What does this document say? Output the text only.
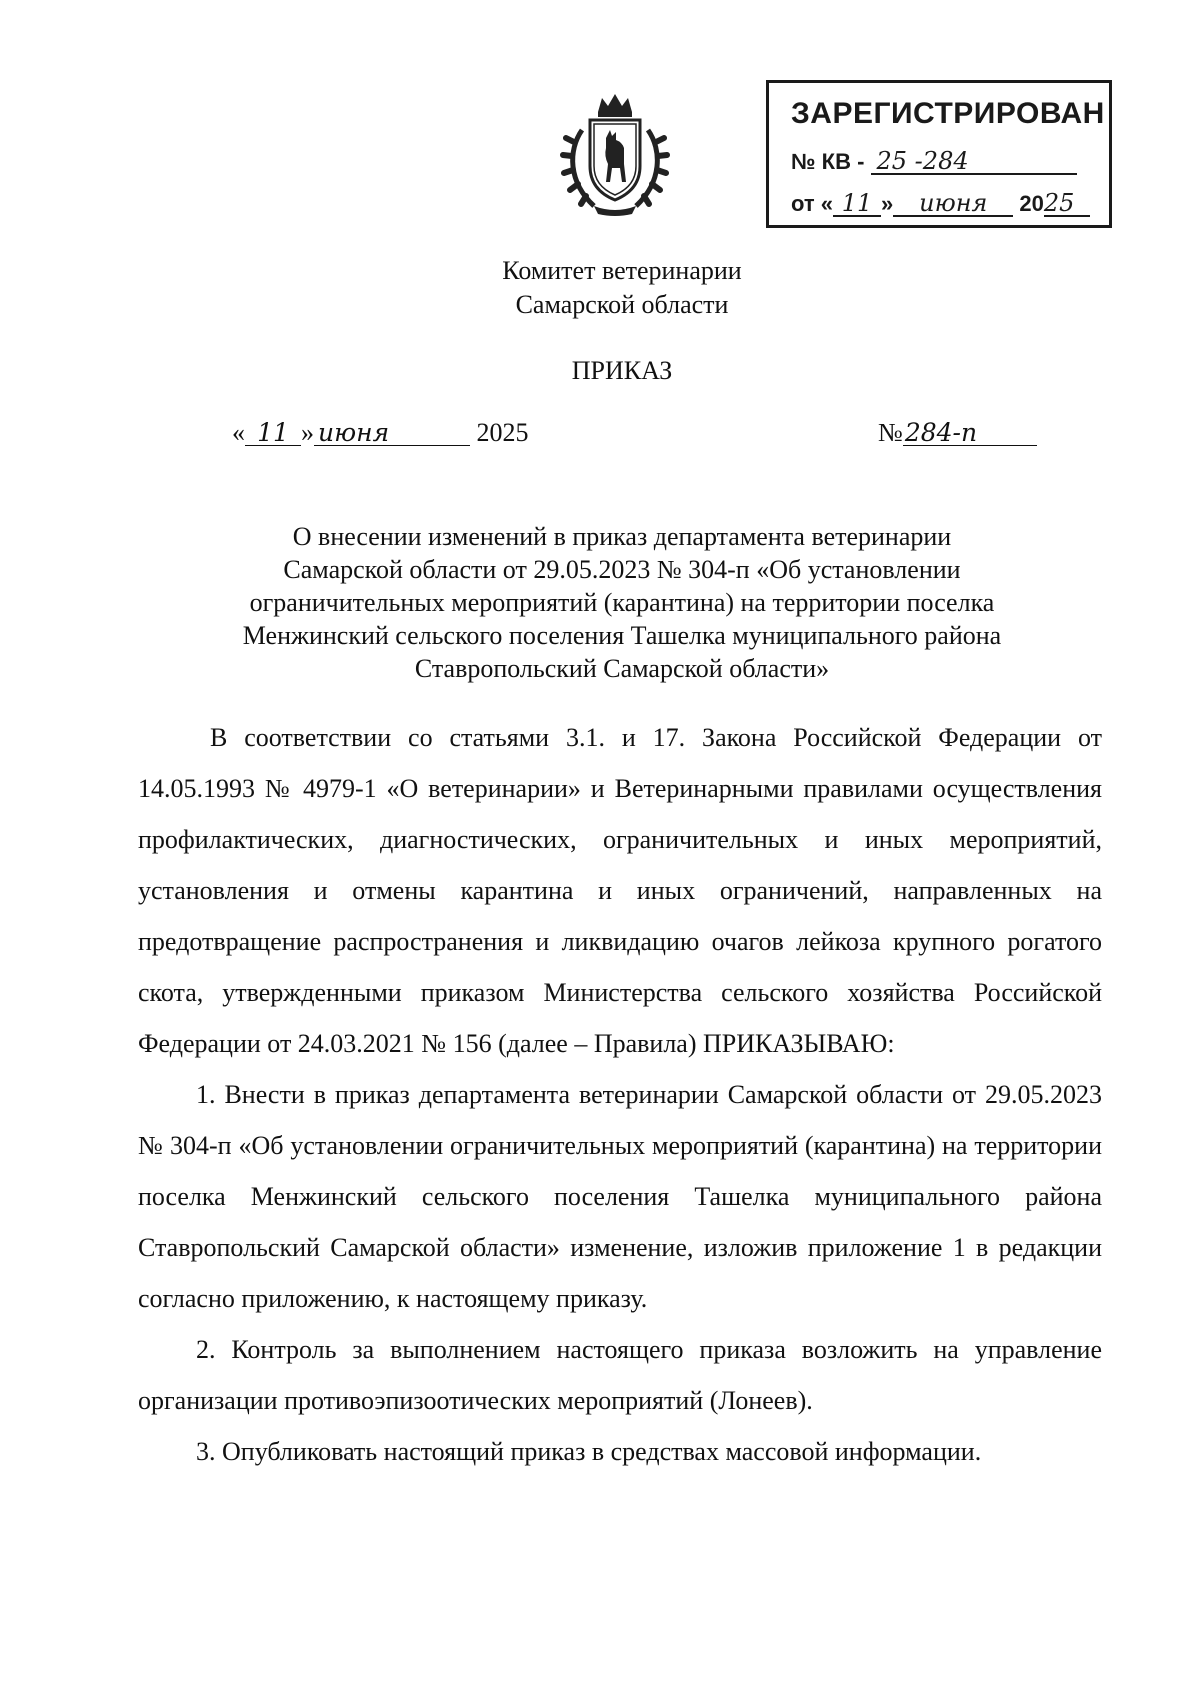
ЗАРЕГИСТРИРОВАН
№ КВ - 25 -284
от « 11 » июня 2025
Комитет ветеринарии
Самарской области
ПРИКАЗ
« 11 » июня	2025	№284-п
О внесении изменений в приказ департамента ветеринарии
Самарской области от 29.05.2023 № 304-п «Об установлении
ограничительных мероприятий (карантина) на территории поселка
Менжинский сельского поселения Ташелка муниципального района
Ставропольский Самарской области»

В соответствии со статьями 3.1. и 17. Закона Российской Федерации от 14.05.1993 № 4979-1 «О ветеринарии» и Ветеринарными правилами осуществления профилактических, диагностических, ограничительных и иных мероприятий, установления и отмены карантина и иных ограничений, направленных на предотвращение распространения и ликвидацию очагов лейкоза крупного рогатого скота, утвержденными приказом Министерства сельского хозяйства Российской Федерации от 24.03.2021 № 156 (далее – Правила) ПРИКАЗЫВАЮ:

1. Внести в приказ департамента ветеринарии Самарской области от 29.05.2023 № 304-п «Об установлении ограничительных мероприятий (карантина) на территории поселка Менжинский сельского поселения Ташелка муниципального района Ставропольский Самарской области» изменение, изложив приложение 1 в редакции согласно приложению, к настоящему приказу.

2. Контроль за выполнением настоящего приказа возложить на управление организации противоэпизоотических мероприятий (Лонеев).

3. Опубликовать настоящий приказ в средствах массовой информации.
